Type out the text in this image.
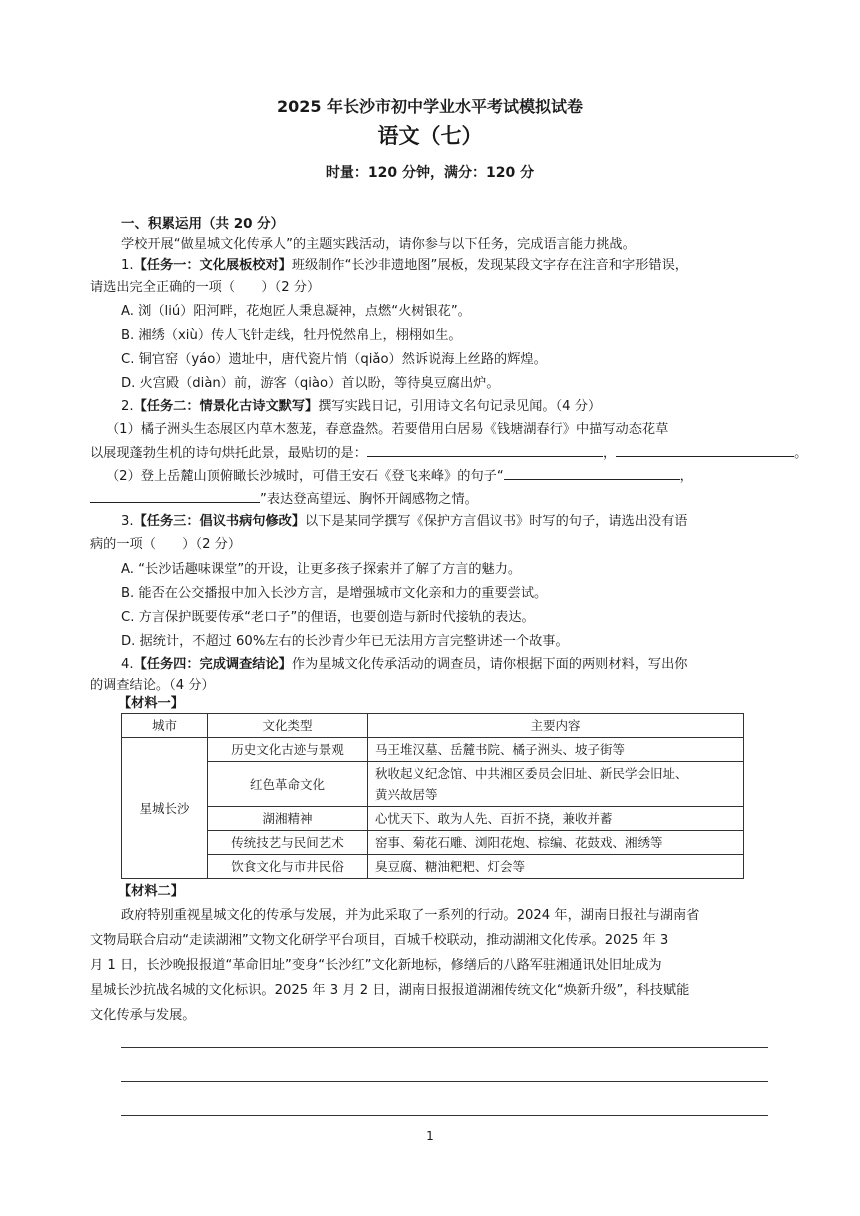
2025 年长沙市初中学业水平考试模拟试卷
语文（七）
时量：120 分钟，满分：120 分
一、积累运用（共 20 分）
学校开展“做星城文化传承人”的主题实践活动，请你参与以下任务，完成语言能力挑战。
1.【任务一：文化展板校对】班级制作“长沙非遗地图”展板，发现某段文字存在注音和字形错误，
请选出完全正确的一项（　　）（2 分）
A. 浏（liú）阳河畔，花炮匠人秉息凝神，点燃“火树银花”。
B. 湘绣（xiù）传人飞针走线，牡丹悦然帛上，栩栩如生。
C. 铜官窑（yáo）遗址中，唐代瓷片悄（qiǎo）然诉说海上丝路的辉煌。
D. 火宫殿（diàn）前，游客（qiào）首以盼，等待臭豆腐出炉。
2.【任务二：情景化古诗文默写】撰写实践日记，引用诗文名句记录见闻。（4 分）
（1）橘子洲头生态展区内草木葱茏，春意盎然。若要借用白居易《钱塘湖春行》中描写动态花草
以展现蓬勃生机的诗句烘托此景，最贴切的是：	，	。
（2）登上岳麓山顶俯瞰长沙城时，可借王安石《登飞来峰》的句子“	，
”表达登高望远、胸怀开阔感物之情。
3.【任务三：倡议书病句修改】以下是某同学撰写《保护方言倡议书》时写的句子，请选出没有语
病的一项（　　）（2 分）
A. “长沙话趣味课堂”的开设，让更多孩子探索并了解了方言的魅力。
B. 能否在公交播报中加入长沙方言，是增强城市文化亲和力的重要尝试。
C. 方言保护既要传承“老口子”的俚语，也要创造与新时代接轨的表达。
D. 据统计，不超过 60%左右的长沙青少年已无法用方言完整讲述一个故事。
4.【任务四：完成调查结论】作为星城文化传承活动的调查员，请你根据下面的两则材料，写出你
的调查结论。（4 分）
【材料一】
城市	文化类型	主要内容
星城长沙	历史文化古迹与景观	马王堆汉墓、岳麓书院、橘子洲头、坡子街等
	红色革命文化	秋收起义纪念馆、中共湘区委员会旧址、新民学会旧址、
黄兴故居等
	湖湘精神	心忧天下、敢为人先、百折不挠，兼收并蓄
	传统技艺与民间艺术	窑事、菊花石雕、浏阳花炮、棕编、花鼓戏、湘绣等
	饮食文化与市井民俗	臭豆腐、糖油粑粑、灯会等
【材料二】
政府特别重视星城文化的传承与发展，并为此采取了一系列的行动。2024 年，湖南日报社与湖南省
文物局联合启动“走读湖湘”文物文化研学平台项目，百城千校联动，推动湖湘文化传承。2025 年 3
月 1 日，长沙晚报报道“革命旧址”变身“长沙红”文化新地标，修缮后的八路军驻湘通讯处旧址成为
星城长沙抗战名城的文化标识。2025 年 3 月 2 日，湖南日报报道湖湘传统文化“焕新升级”，科技赋能
文化传承与发展。
1
